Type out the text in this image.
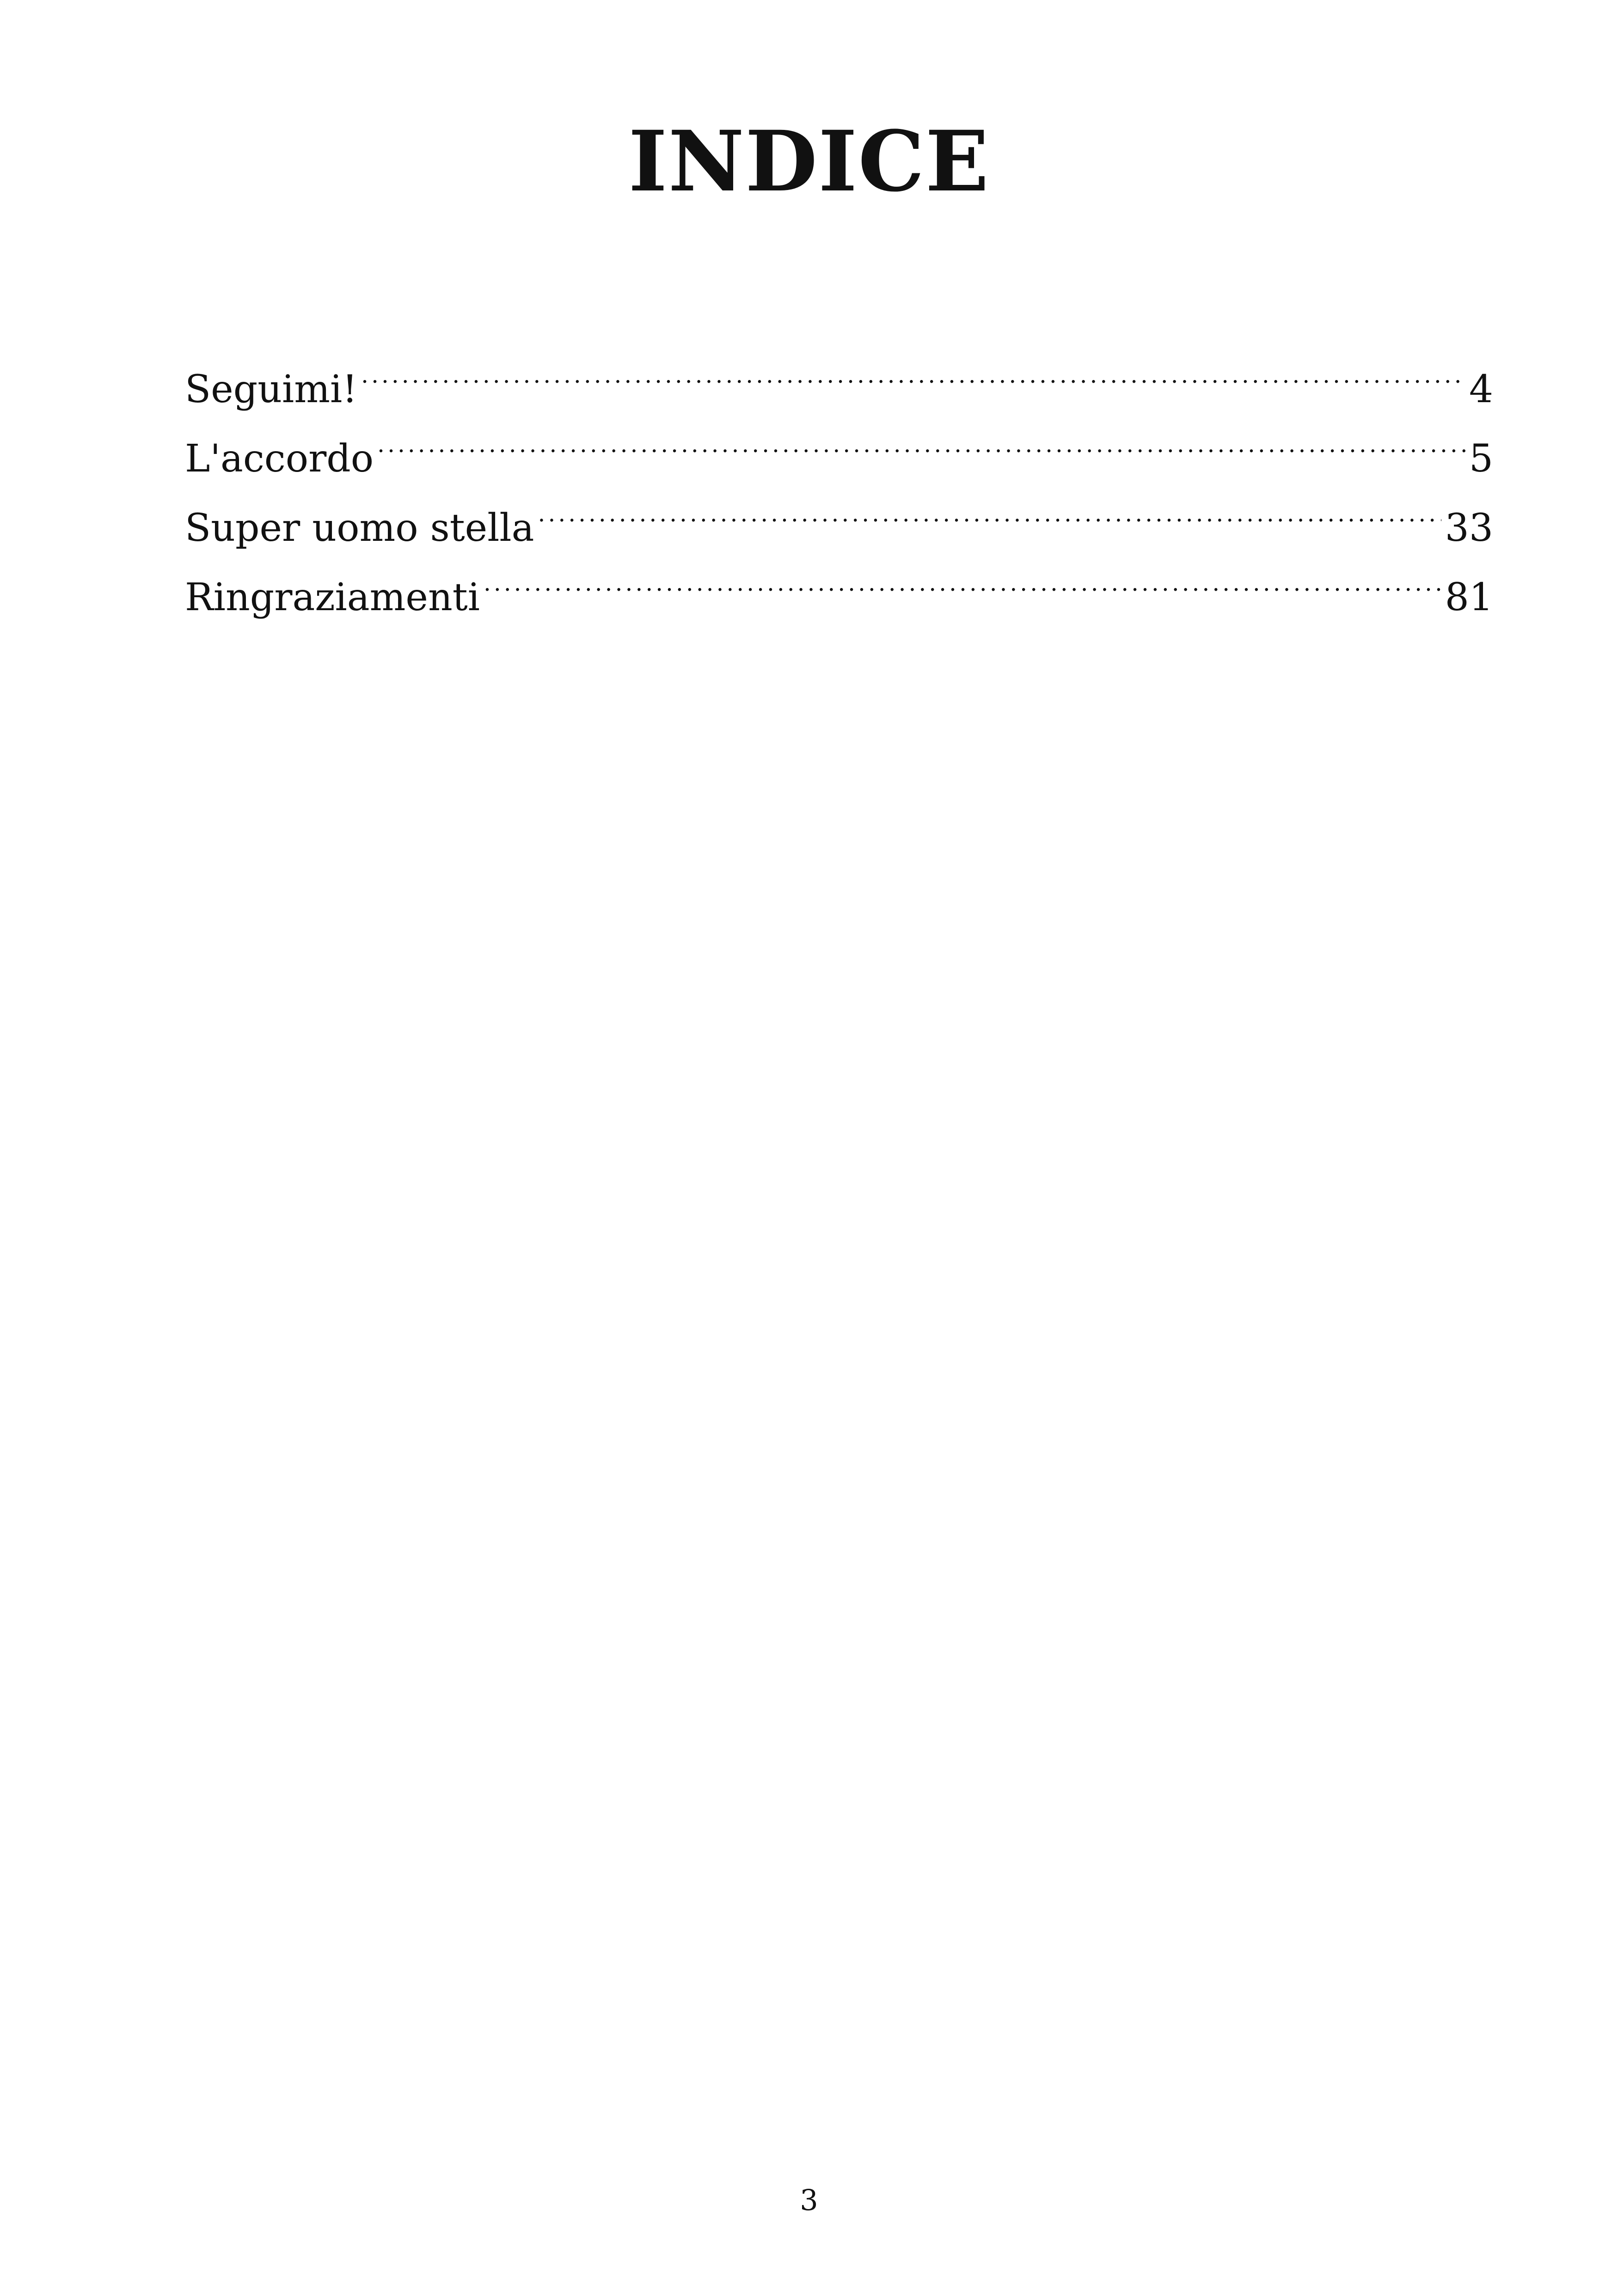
INDICE
Seguimi! .....	4
L'accordo .....	5
Super uomo stella .....	33
Ringraziamenti .....	81
3
